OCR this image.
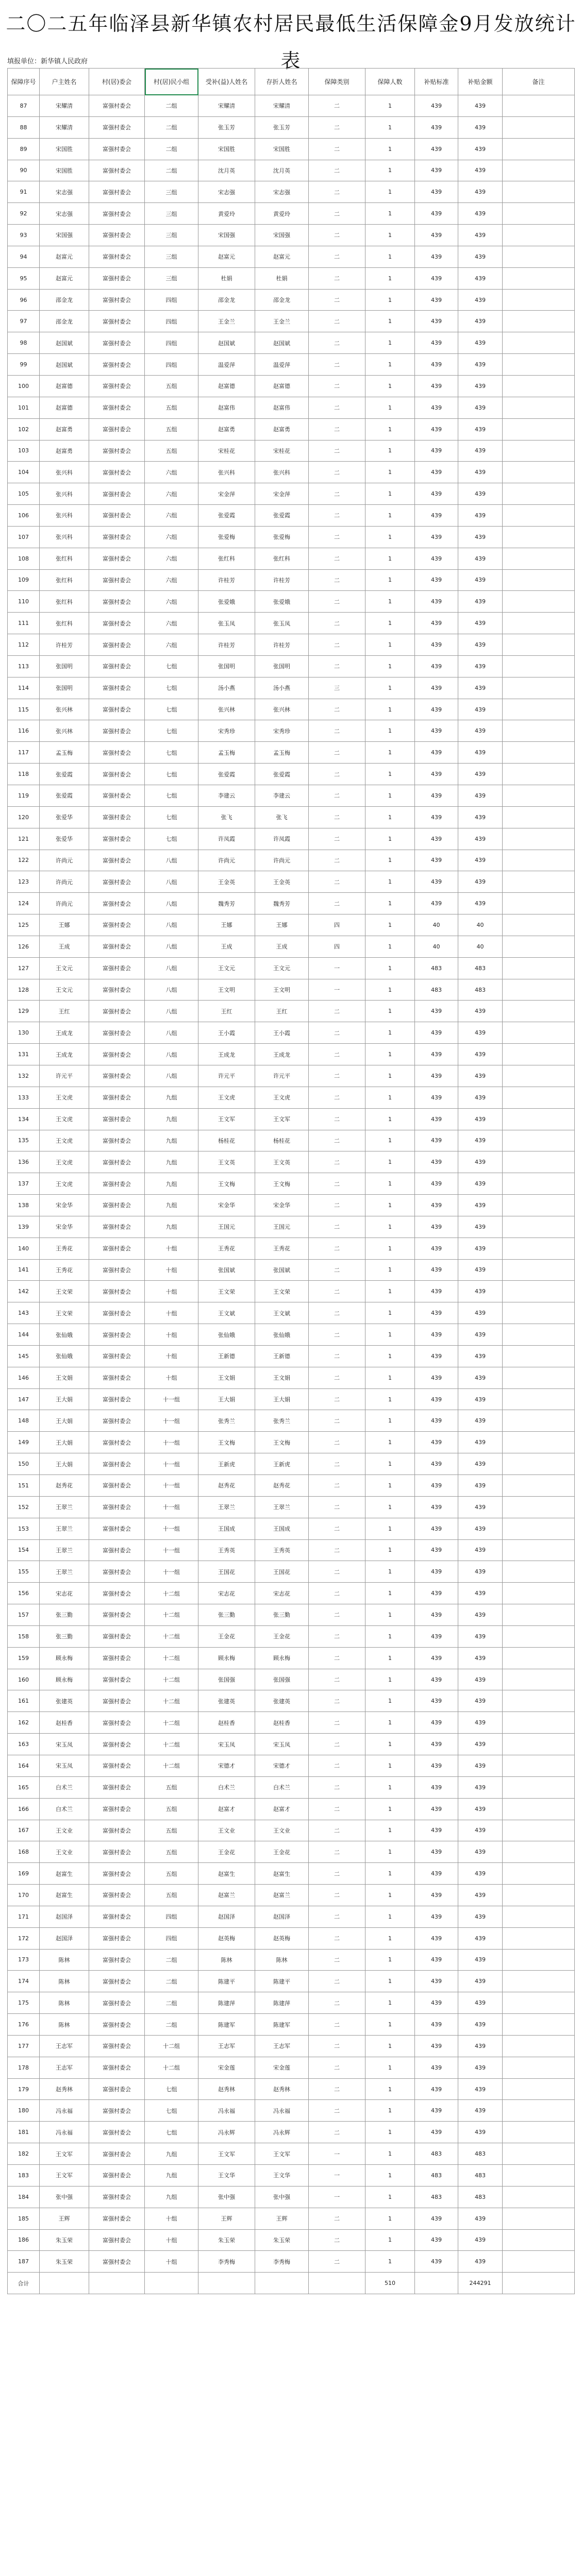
二〇二五年临泽县新华镇农村居民最低生活保障金9月发放统计表
填报单位：新华镇人民政府
保障序号	户主姓名	村(居)委会	村(居)民小组	受补(益)人姓名	存折人姓名	保障类别	保障人数	补贴标准	补贴金额	备注
87	宋耀清	富强村委会	二组	宋耀清	宋耀清	二	1	439	439	
88	宋耀清	富强村委会	二组	张玉芳	张玉芳	二	1	439	439	
89	宋国胜	富强村委会	二组	宋国胜	宋国胜	二	1	439	439	
90	宋国胜	富强村委会	二组	沈月英	沈月英	二	1	439	439	
91	宋志强	富强村委会	三组	宋志强	宋志强	二	1	439	439	
92	宋志强	富强村委会	三组	黄爱玲	黄爱玲	二	1	439	439	
93	宋国强	富强村委会	三组	宋国强	宋国强	二	1	439	439	
94	赵富元	富强村委会	三组	赵富元	赵富元	二	1	439	439	
95	赵富元	富强村委会	三组	杜娟	杜娟	二	1	439	439	
96	邵金龙	富强村委会	四组	邵金龙	邵金龙	二	1	439	439	
97	邵金龙	富强村委会	四组	王金兰	王金兰	二	1	439	439	
98	赵国斌	富强村委会	四组	赵国斌	赵国斌	二	1	439	439	
99	赵国斌	富强村委会	四组	温爱萍	温爱萍	二	1	439	439	
100	赵富德	富强村委会	五组	赵富德	赵富德	二	1	439	439	
101	赵富德	富强村委会	五组	赵富伟	赵富伟	二	1	439	439	
102	赵富勇	富强村委会	五组	赵富勇	赵富勇	二	1	439	439	
103	赵富勇	富强村委会	五组	宋桂花	宋桂花	二	1	439	439	
104	张兴科	富强村委会	六组	张兴科	张兴科	二	1	439	439	
105	张兴科	富强村委会	六组	宋金萍	宋金萍	二	1	439	439	
106	张兴科	富强村委会	六组	张爱霞	张爱霞	二	1	439	439	
107	张兴科	富强村委会	六组	张爱梅	张爱梅	二	1	439	439	
108	张红科	富强村委会	六组	张红科	张红科	二	1	439	439	
109	张红科	富强村委会	六组	许桂芳	许桂芳	二	1	439	439	
110	张红科	富强村委会	六组	张爱娥	张爱娥	二	1	439	439	
111	张红科	富强村委会	六组	张玉凤	张玉凤	二	1	439	439	
112	许桂芳	富强村委会	六组	许桂芳	许桂芳	二	1	439	439	
113	张国明	富强村委会	七组	张国明	张国明	二	1	439	439	
114	张国明	富强村委会	七组	汤小燕	汤小燕	三	1	439	439	
115	张兴林	富强村委会	七组	张兴林	张兴林	二	1	439	439	
116	张兴林	富强村委会	七组	宋秀珍	宋秀珍	二	1	439	439	
117	孟玉梅	富强村委会	七组	孟玉梅	孟玉梅	二	1	439	439	
118	张爱霞	富强村委会	七组	张爱霞	张爱霞	二	1	439	439	
119	张爱霞	富强村委会	七组	李建云	李建云	二	1	439	439	
120	张爱华	富强村委会	七组	张飞	张飞	二	1	439	439	
121	张爱华	富强村委会	七组	许凤霞	许凤霞	二	1	439	439	
122	许尚元	富强村委会	八组	许尚元	许尚元	二	1	439	439	
123	许尚元	富强村委会	八组	王金英	王金英	二	1	439	439	
124	许尚元	富强村委会	八组	魏秀芳	魏秀芳	二	1	439	439	
125	王娜	富强村委会	八组	王娜	王娜	四	1	40	40	
126	王成	富强村委会	八组	王成	王成	四	1	40	40	
127	王文元	富强村委会	八组	王文元	王文元	一	1	483	483	
128	王文元	富强村委会	八组	王文明	王文明	一	1	483	483	
129	王红	富强村委会	八组	王红	王红	二	1	439	439	
130	王成龙	富强村委会	八组	王小霞	王小霞	二	1	439	439	
131	王成龙	富强村委会	八组	王成龙	王成龙	二	1	439	439	
132	许元平	富强村委会	八组	许元平	许元平	二	1	439	439	
133	王文虎	富强村委会	九组	王文虎	王文虎	二	1	439	439	
134	王文虎	富强村委会	九组	王文军	王文军	二	1	439	439	
135	王文虎	富强村委会	九组	杨桂花	杨桂花	二	1	439	439	
136	王文虎	富强村委会	九组	王文英	王文英	二	1	439	439	
137	王文虎	富强村委会	九组	王文梅	王文梅	二	1	439	439	
138	宋金华	富强村委会	九组	宋金华	宋金华	二	1	439	439	
139	宋金华	富强村委会	九组	王国元	王国元	二	1	439	439	
140	王秀花	富强村委会	十组	王秀花	王秀花	二	1	439	439	
141	王秀花	富强村委会	十组	张国斌	张国斌	二	1	439	439	
142	王文荣	富强村委会	十组	王文荣	王文荣	二	1	439	439	
143	王文荣	富强村委会	十组	王文斌	王文斌	二	1	439	439	
144	张仙娥	富强村委会	十组	张仙娥	张仙娥	二	1	439	439	
145	张仙娥	富强村委会	十组	王新德	王新德	二	1	439	439	
146	王文娟	富强村委会	十组	王文娟	王文娟	二	1	439	439	
147	王大娟	富强村委会	十一组	王大娟	王大娟	二	1	439	439	
148	王大娟	富强村委会	十一组	张秀兰	张秀兰	二	1	439	439	
149	王大娟	富强村委会	十一组	王文梅	王文梅	二	1	439	439	
150	王大娟	富强村委会	十一组	王新虎	王新虎	二	1	439	439	
151	赵秀花	富强村委会	十一组	赵秀花	赵秀花	二	1	439	439	
152	王翠兰	富强村委会	十一组	王翠兰	王翠兰	二	1	439	439	
153	王翠兰	富强村委会	十一组	王国成	王国成	二	1	439	439	
154	王翠兰	富强村委会	十一组	王秀英	王秀英	二	1	439	439	
155	王翠兰	富强村委会	十一组	王国花	王国花	二	1	439	439	
156	宋志花	富强村委会	十二组	宋志花	宋志花	二	1	439	439	
157	张三勤	富强村委会	十二组	张三勤	张三勤	二	1	439	439	
158	张三勤	富强村委会	十二组	王金花	王金花	二	1	439	439	
159	顾永梅	富强村委会	十二组	顾永梅	顾永梅	二	1	439	439	
160	顾永梅	富强村委会	十二组	张国强	张国强	二	1	439	439	
161	张建英	富强村委会	十二组	张建英	张建英	二	1	439	439	
162	赵桂香	富强村委会	十二组	赵桂香	赵桂香	二	1	439	439	
163	宋玉凤	富强村委会	十二组	宋玉凤	宋玉凤	二	1	439	439	
164	宋玉凤	富强村委会	十二组	宋德才	宋德才	二	1	439	439	
165	白术兰	富强村委会	五组	白术兰	白术兰	二	1	439	439	
166	白术兰	富强村委会	五组	赵富才	赵富才	二	1	439	439	
167	王文业	富强村委会	五组	王文业	王文业	二	1	439	439	
168	王文业	富强村委会	五组	王金花	王金花	二	1	439	439	
169	赵富生	富强村委会	五组	赵富生	赵富生	二	1	439	439	
170	赵富生	富强村委会	五组	赵富兰	赵富兰	二	1	439	439	
171	赵国泽	富强村委会	四组	赵国泽	赵国泽	二	1	439	439	
172	赵国泽	富强村委会	四组	赵英梅	赵英梅	二	1	439	439	
173	陈林	富强村委会	二组	陈林	陈林	二	1	439	439	
174	陈林	富强村委会	二组	陈建平	陈建平	二	1	439	439	
175	陈林	富强村委会	二组	陈建萍	陈建萍	二	1	439	439	
176	陈林	富强村委会	二组	陈建军	陈建军	二	1	439	439	
177	王志军	富强村委会	十二组	王志军	王志军	二	1	439	439	
178	王志军	富强村委会	十二组	宋金莲	宋金莲	二	1	439	439	
179	赵秀林	富强村委会	七组	赵秀林	赵秀林	二	1	439	439	
180	冯永福	富强村委会	七组	冯永福	冯永福	二	1	439	439	
181	冯永福	富强村委会	七组	冯永辉	冯永辉	二	1	439	439	
182	王文军	富强村委会	九组	王文军	王文军	一	1	483	483	
183	王文军	富强村委会	九组	王文华	王文华	一	1	483	483	
184	张中强	富强村委会	九组	张中强	张中强	一	1	483	483	
185	王辉	富强村委会	十组	王辉	王辉	二	1	439	439	
186	朱玉荣	富强村委会	十组	朱玉荣	朱玉荣	二	1	439	439	
187	朱玉荣	富强村委会	十组	李秀梅	李秀梅	二	1	439	439	
合计							510		244291	
